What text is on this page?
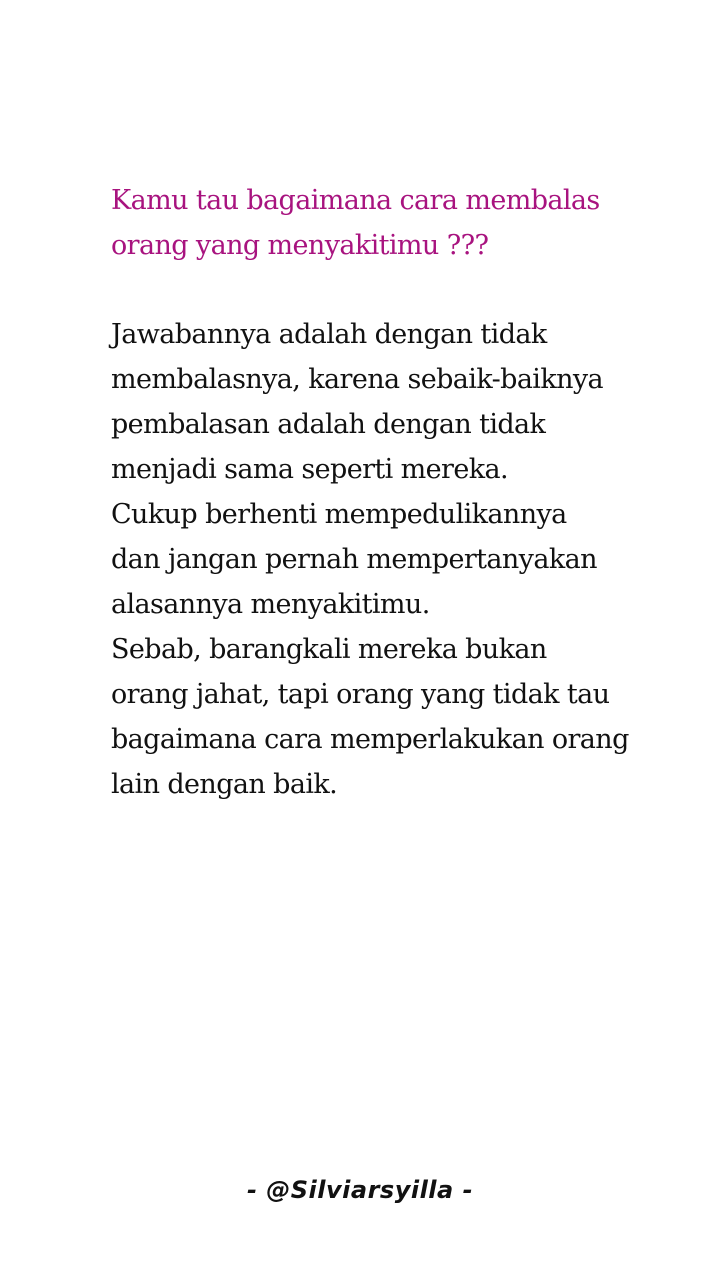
Kamu tau bagaimana cara membalas
orang yang menyakitimu ???

Jawabannya adalah dengan tidak
membalasnya, karena sebaik-baiknya
pembalasan adalah dengan tidak
menjadi sama seperti mereka.
Cukup berhenti mempedulikannya
dan jangan pernah mempertanyakan
alasannya menyakitimu.
Sebab, barangkali mereka bukan
orang jahat, tapi orang yang tidak tau
bagaimana cara memperlakukan orang
lain dengan baik.

- @Silviarsyilla -
